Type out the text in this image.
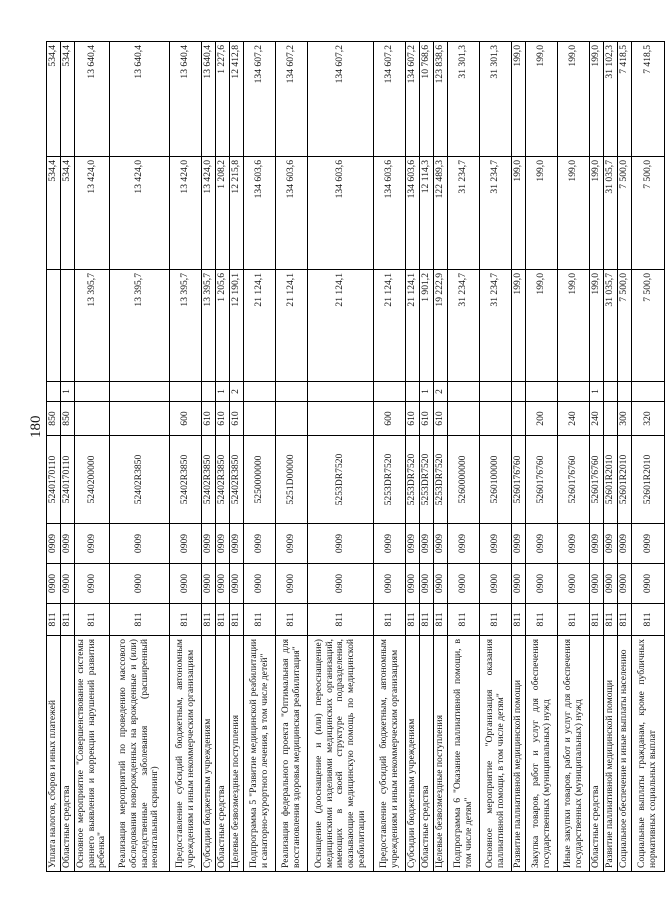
180
Уплата налогов, сборов и иных платежей	811	0900	0909	5240170110	850			534,4	534,4
Областные средства	811	0900	0909	5240170110	850	1		534,4	534,4
Основное мероприятие "Совершенствование системы раннего выявления и коррекции нарушений развития ребенка"	811	0900	0909	5240200000			13 395,7	13 424,0	13 640,4
Реализация мероприятий по проведению массового обследования новорожденных на врожденные и (или) наследственные заболевания (расширенный неонатальный скрининг)	811	0900	0909	52402R3850			13 395,7	13 424,0	13 640,4
Предоставление субсидий бюджетным, автономным учреждениям и иным некоммерческим организациям	811	0900	0909	52402R3850	600		13 395,7	13 424,0	13 640,4
Субсидии бюджетным учреждениям	811	0900	0909	52402R3850	610		13 395,7	13 424,0	13 640,4
Областные средства	811	0900	0909	52402R3850	610	1	1 205,6	1 208,2	1 227,6
Целевые безвозмездные поступления	811	0900	0909	52402R3850	610	2	12 190,1	12 215,8	12 412,8
Подпрограмма 5 "Развитие медицинской реабилитации и санаторно-курортного лечения, в том числе детей"	811	0900	0909	5250000000			21 124,1	134 603,6	134 607,2
Реализация федерального проекта "Оптимальная для восстановления здоровья медицинская реабилитация"	811	0900	0909	5251D00000			21 124,1	134 603,6	134 607,2
Оснащение (дооснащение и (или) переоснащение) медицинскими изделиями медицинских организаций, имеющих в своей структуре подразделения, оказывающие медицинскую помощь по медицинской реабилитации	811	0900	0909	5253DR7520			21 124,1	134 603,6	134 607,2
Предоставление субсидий бюджетным, автономным учреждениям и иным некоммерческим организациям	811	0900	0909	5253DR7520	600		21 124,1	134 603,6	134 607,2
Субсидии бюджетным учреждениям	811	0900	0909	5253DR7520	610		21 124,1	134 603,6	134 607,2
Областные средства	811	0900	0909	5253DR7520	610	1	1 901,2	12 114,3	10 768,6
Целевые безвозмездные поступления	811	0900	0909	5253DR7520	610	2	19 222,9	122 489,3	123 838,6
Подпрограмма 6 "Оказание паллиативной помощи, в том числе детям"	811	0900	0909	5260000000			31 234,7	31 234,7	31 301,3
Основное мероприятие "Организация оказания паллиативной помощи, в том числе детям"	811	0900	0909	5260100000			31 234,7	31 234,7	31 301,3
Развитие паллиативной медицинской помощи	811	0900	0909	5260176760			199,0	199,0	199,0
Закупка товаров, работ и услуг для обеспечения государственных (муниципальных) нужд	811	0900	0909	5260176760	200		199,0	199,0	199,0
Иные закупки товаров, работ и услуг для обеспечения государственных (муниципальных) нужд	811	0900	0909	5260176760	240		199,0	199,0	199,0
Областные средства	811	0900	0909	5260176760	240	1	199,0	199,0	199,0
Развитие паллиативной медицинской помощи	811	0900	0909	52601R2010			31 035,7	31 035,7	31 102,3
Социальное обеспечение и иные выплаты населению	811	0900	0909	52601R2010	300		7 500,0	7 500,0	7 418,5
Социальные выплаты гражданам, кроме публичных нормативных социальных выплат	811	0900	0909	52601R2010	320		7 500,0	7 500,0	7 418,5
